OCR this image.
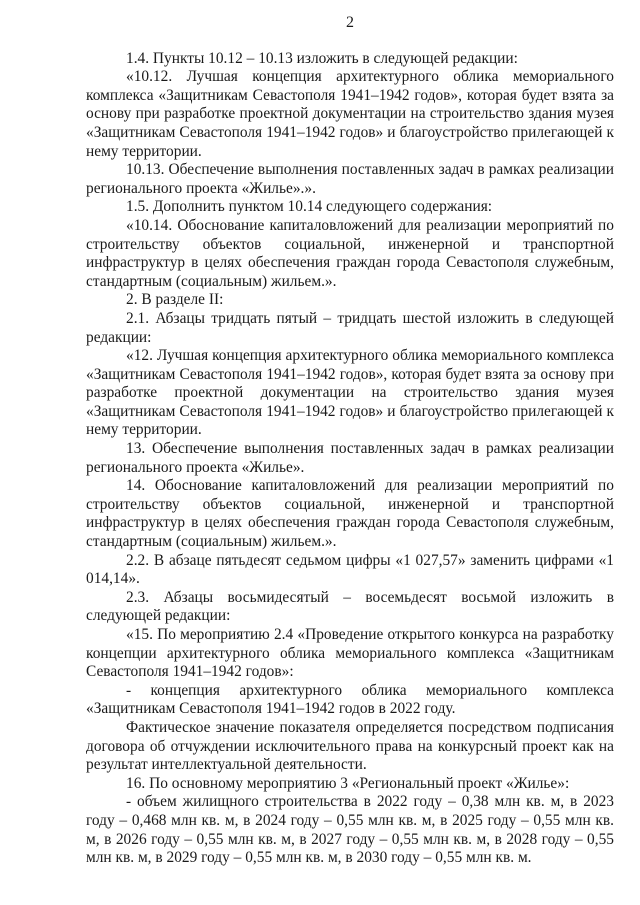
2

1.4. Пункты 10.12 – 10.13 изложить в следующей редакции:

«10.12. Лучшая концепция архитектурного облика мемориального комплекса «Защитникам Севастополя 1941–1942 годов», которая будет взята за основу при разработке проектной документации на строительство здания музея «Защитникам Севастополя 1941–1942 годов» и благоустройство прилегающей к нему территории.

10.13. Обеспечение выполнения поставленных задач в рамках реализации регионального проекта «Жилье».».

1.5. Дополнить пунктом 10.14 следующего содержания:

«10.14. Обоснование капиталовложений для реализации мероприятий по строительству объектов социальной, инженерной и транспортной инфраструктур в целях обеспечения граждан города Севастополя служебным, стандартным (социальным) жильем.».

2. В разделе II:

2.1. Абзацы тридцать пятый – тридцать шестой изложить в следующей редакции:

«12. Лучшая концепция архитектурного облика мемориального комплекса «Защитникам Севастополя 1941–1942 годов», которая будет взята за основу при разработке проектной документации на строительство здания музея «Защитникам Севастополя 1941–1942 годов» и благоустройство прилегающей к нему территории.

13. Обеспечение выполнения поставленных задач в рамках реализации регионального проекта «Жилье».

14. Обоснование капиталовложений для реализации мероприятий по строительству объектов социальной, инженерной и транспортной инфраструктур в целях обеспечения граждан города Севастополя служебным, стандартным (социальным) жильем.».

2.2. В абзаце пятьдесят седьмом цифры «1 027,57» заменить цифрами «1 014,14».

2.3. Абзацы восьмидесятый – восемьдесят восьмой изложить в следующей редакции:

«15. По мероприятию 2.4 «Проведение открытого конкурса на разработку концепции архитектурного облика мемориального комплекса «Защитникам Севастополя 1941–1942 годов»:

- концепция архитектурного облика мемориального комплекса «Защитникам Севастополя 1941–1942 годов в 2022 году.

Фактическое значение показателя определяется посредством подписания договора об отчуждении исключительного права на конкурсный проект как на результат интеллектуальной деятельности.

16. По основному мероприятию 3 «Региональный проект «Жилье»:

- объем жилищного строительства в 2022 году – 0,38 млн кв. м, в 2023 году – 0,468 млн кв. м, в 2024 году – 0,55 млн кв. м, в 2025 году – 0,55 млн кв. м, в 2026 году – 0,55 млн кв. м, в 2027 году – 0,55 млн кв. м, в 2028 году – 0,55 млн кв. м, в 2029 году – 0,55 млн кв. м, в 2030 году – 0,55 млн кв. м.
